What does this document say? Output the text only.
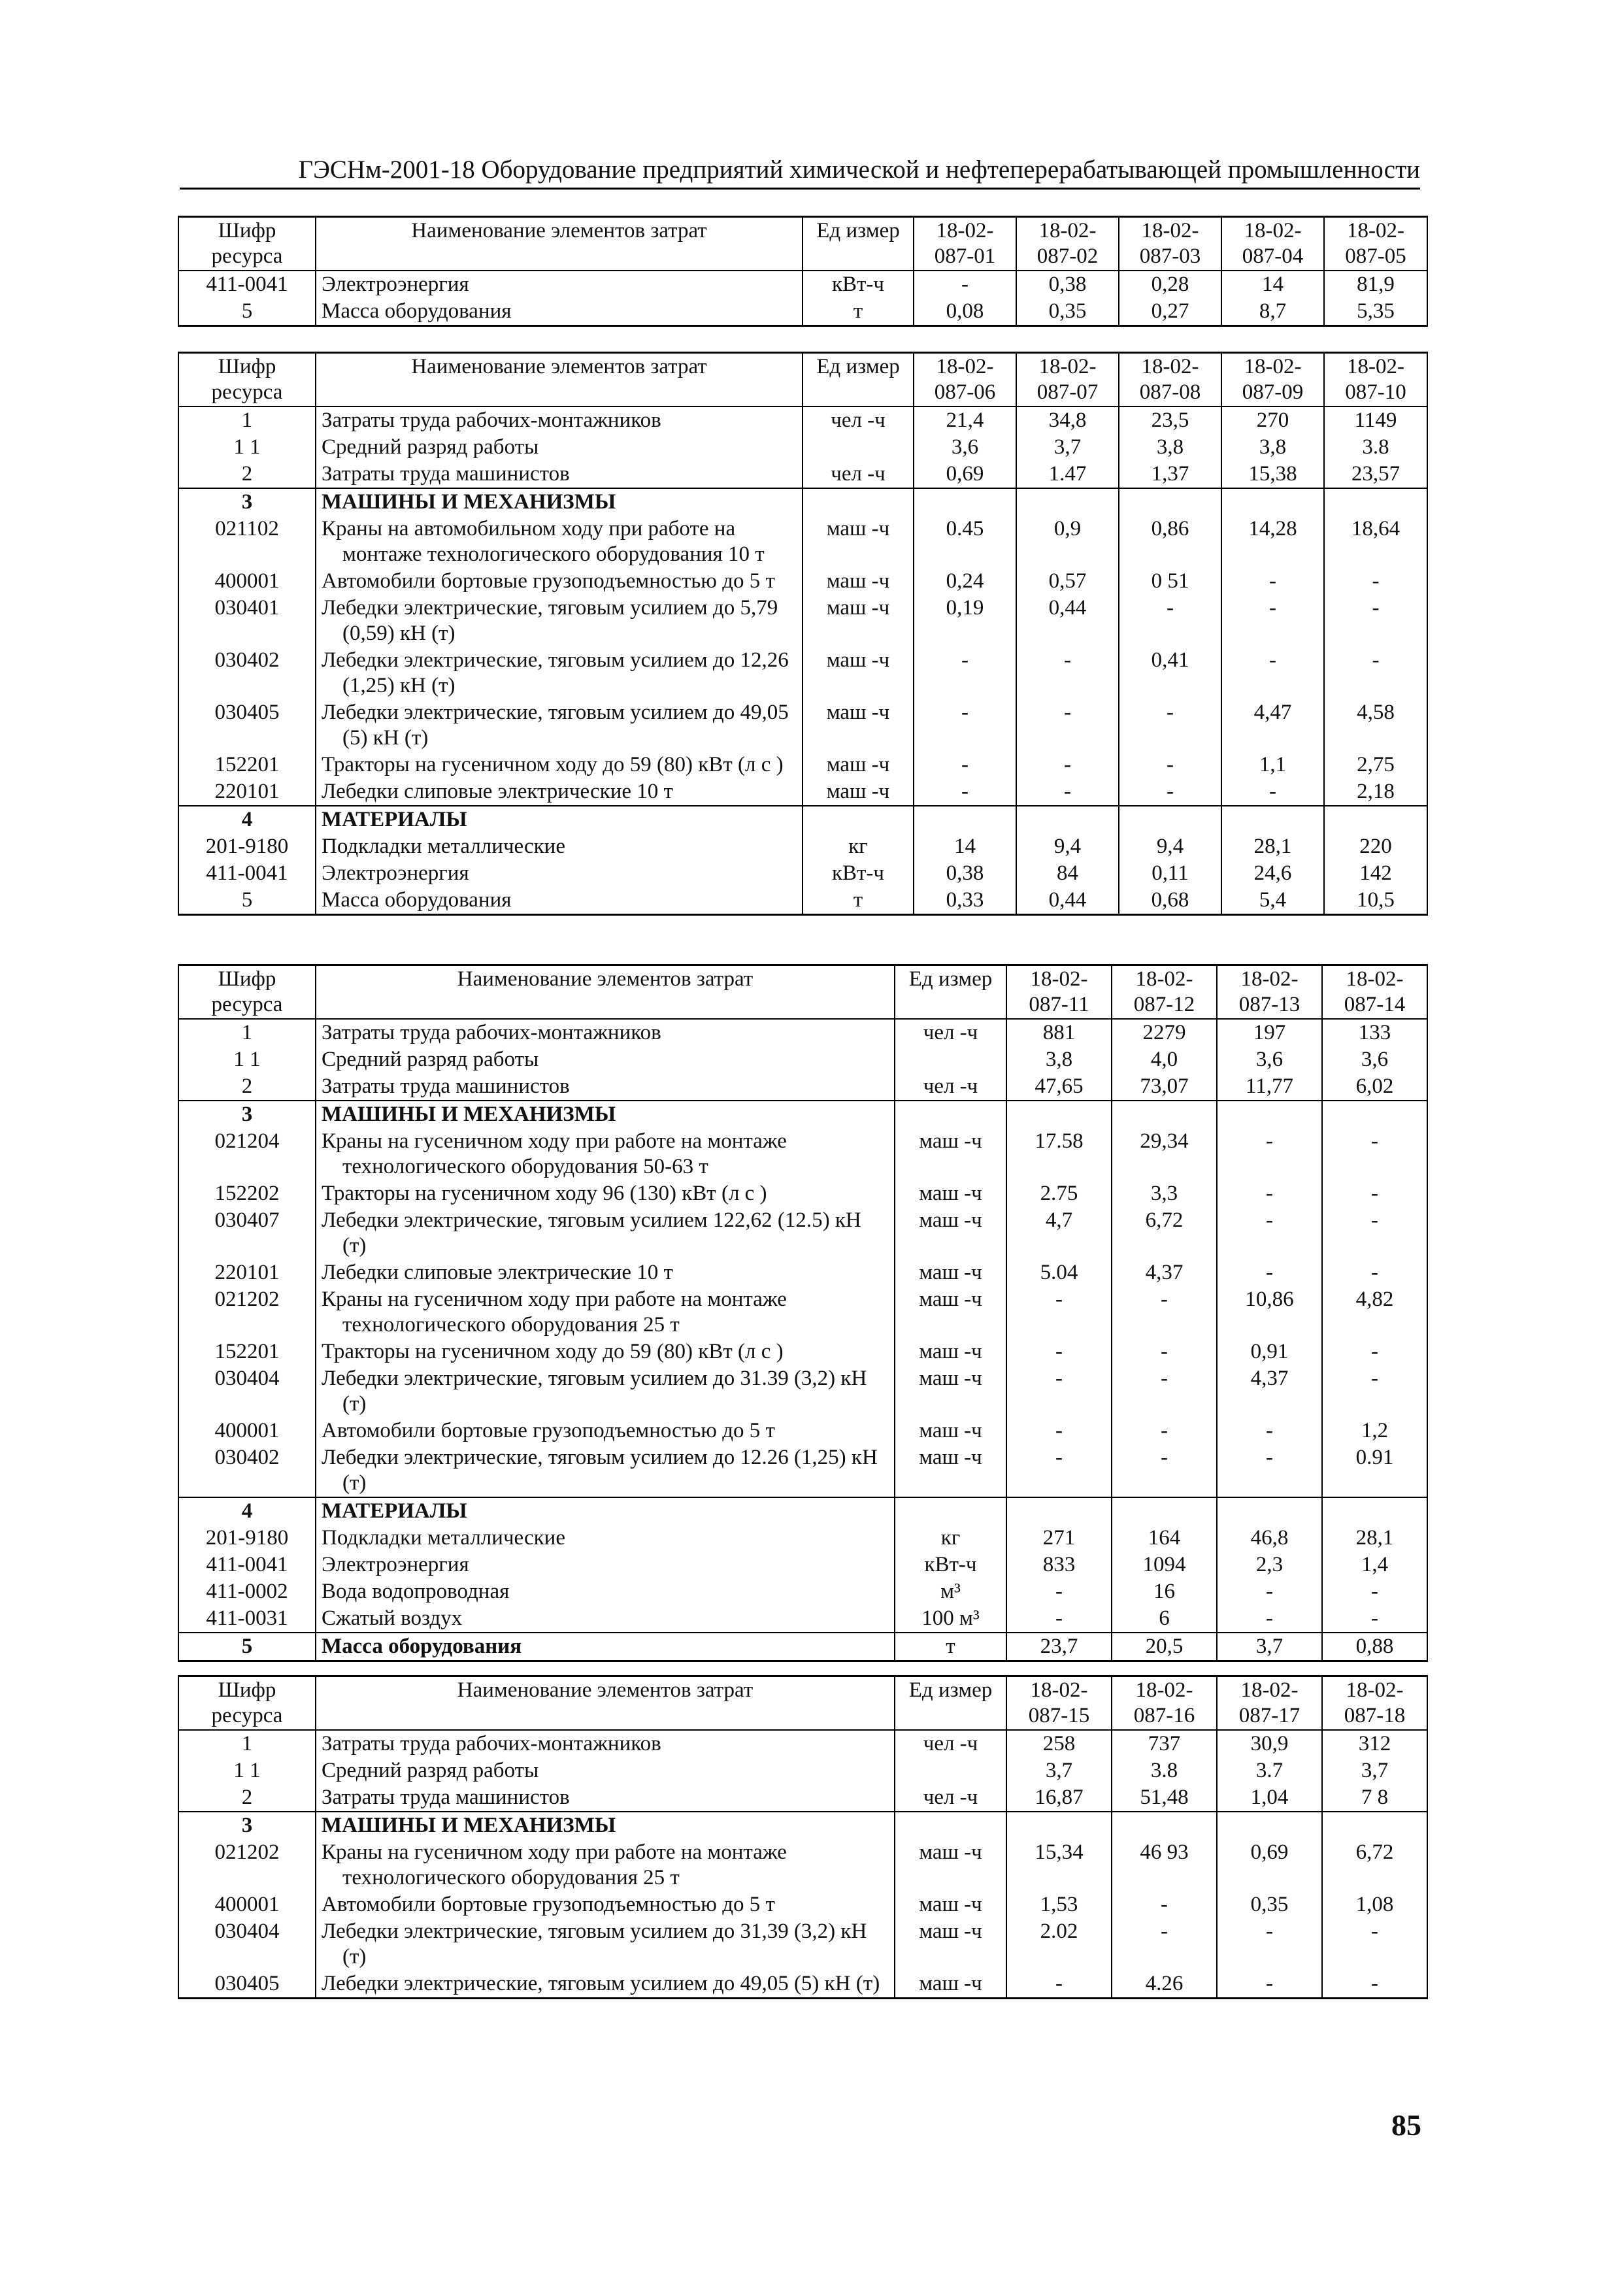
ГЭСНм-2001-18 Оборудование предприятий химической и нефтеперерабатывающей промышленности
Шифр ресурса	Наименование элементов затрат	Ед измер	18-02-087-01	18-02-087-02	18-02-087-03	18-02-087-04	18-02-087-05
411-0041	Электроэнергия	кВт-ч	-	0,38	0,28	14	81,9
5	Масса оборудования	т	0,08	0,35	0,27	8,7	5,35
Шифр ресурса	Наименование элементов затрат	Ед измер	18-02-087-06	18-02-087-07	18-02-087-08	18-02-087-09	18-02-087-10
1	Затраты труда рабочих-монтажников	чел -ч	21,4	34,8	23,5	270	1149
1 1	Средний разряд работы		3,6	3,7	3,8	3,8	3.8
2	Затраты труда машинистов	чел -ч	0,69	1.47	1,37	15,38	23,57
3	МАШИНЫ И МЕХАНИЗМЫ						
021102	Краны на автомобильном ходу при работе на монтаже технологического оборудования 10 т	маш -ч	0.45	0,9	0,86	14,28	18,64
400001	Автомобили бортовые грузоподъемностью до 5 т	маш -ч	0,24	0,57	0 51	-	-
030401	Лебедки электрические, тяговым усилием до 5,79 (0,59) кН (т)	маш -ч	0,19	0,44	-	-	-
030402	Лебедки электрические, тяговым усилием до 12,26 (1,25) кН (т)	маш -ч	-	-	0,41	-	-
030405	Лебедки электрические, тяговым усилием до 49,05 (5) кН (т)	маш -ч	-	-	-	4,47	4,58
152201	Тракторы на гусеничном ходу до 59 (80) кВт (л с )	маш -ч	-	-	-	1,1	2,75
220101	Лебедки слиповые электрические 10 т	маш -ч	-	-	-	-	2,18
4	МАТЕРИАЛЫ						
201-9180	Подкладки металлические	кг	14	9,4	9,4	28,1	220
411-0041	Электроэнергия	кВт-ч	0,38	84	0,11	24,6	142
5	Масса оборудования	т	0,33	0,44	0,68	5,4	10,5
Шифр ресурса	Наименование элементов затрат	Ед измер	18-02-087-11	18-02-087-12	18-02-087-13	18-02-087-14
1	Затраты труда рабочих-монтажников	чел -ч	881	2279	197	133
1 1	Средний разряд работы		3,8	4,0	3,6	3,6
2	Затраты труда машинистов	чел -ч	47,65	73,07	11,77	6,02
3	МАШИНЫ И МЕХАНИЗМЫ					
021204	Краны на гусеничном ходу при работе на монтаже технологического оборудования 50-63 т	маш -ч	17.58	29,34	-	-
152202	Тракторы на гусеничном ходу 96 (130) кВт (л с )	маш -ч	2.75	3,3	-	-
030407	Лебедки электрические, тяговым усилием 122,62 (12.5) кН (т)	маш -ч	4,7	6,72	-	-
220101	Лебедки слиповые электрические 10 т	маш -ч	5.04	4,37	-	-
021202	Краны на гусеничном ходу при работе на монтаже технологического оборудования 25 т	маш -ч	-	-	10,86	4,82
152201	Тракторы на гусеничном ходу до 59 (80) кВт (л с )	маш -ч	-	-	0,91	-
030404	Лебедки электрические, тяговым усилием до 31.39 (3,2) кН (т)	маш -ч	-	-	4,37	-
400001	Автомобили бортовые грузоподъемностью до 5 т	маш -ч	-	-	-	1,2
030402	Лебедки электрические, тяговым усилием до 12.26 (1,25) кН (т)	маш -ч	-	-	-	0.91
4	МАТЕРИАЛЫ					
201-9180	Подкладки металлические	кг	271	164	46,8	28,1
411-0041	Электроэнергия	кВт-ч	833	1094	2,3	1,4
411-0002	Вода водопроводная	м³	-	16	-	-
411-0031	Сжатый воздух	100 м³	-	6	-	-
5	Масса оборудования	т	23,7	20,5	3,7	0,88
Шифр ресурса	Наименование элементов затрат	Ед измер	18-02-087-15	18-02-087-16	18-02-087-17	18-02-087-18
1	Затраты труда рабочих-монтажников	чел -ч	258	737	30,9	312
1 1	Средний разряд работы		3,7	3.8	3.7	3,7
2	Затраты труда машинистов	чел -ч	16,87	51,48	1,04	7 8
3	МАШИНЫ И МЕХАНИЗМЫ					
021202	Краны на гусеничном ходу при работе на монтаже технологического оборудования 25 т	маш -ч	15,34	46 93	0,69	6,72
400001	Автомобили бортовые грузоподъемностью до 5 т	маш -ч	1,53	-	0,35	1,08
030404	Лебедки электрические, тяговым усилием до 31,39 (3,2) кН (т)	маш -ч	2.02	-	-	-
030405	Лебедки электрические, тяговым усилием до 49,05 (5) кН (т)	маш -ч	-	4.26	-	-
85
